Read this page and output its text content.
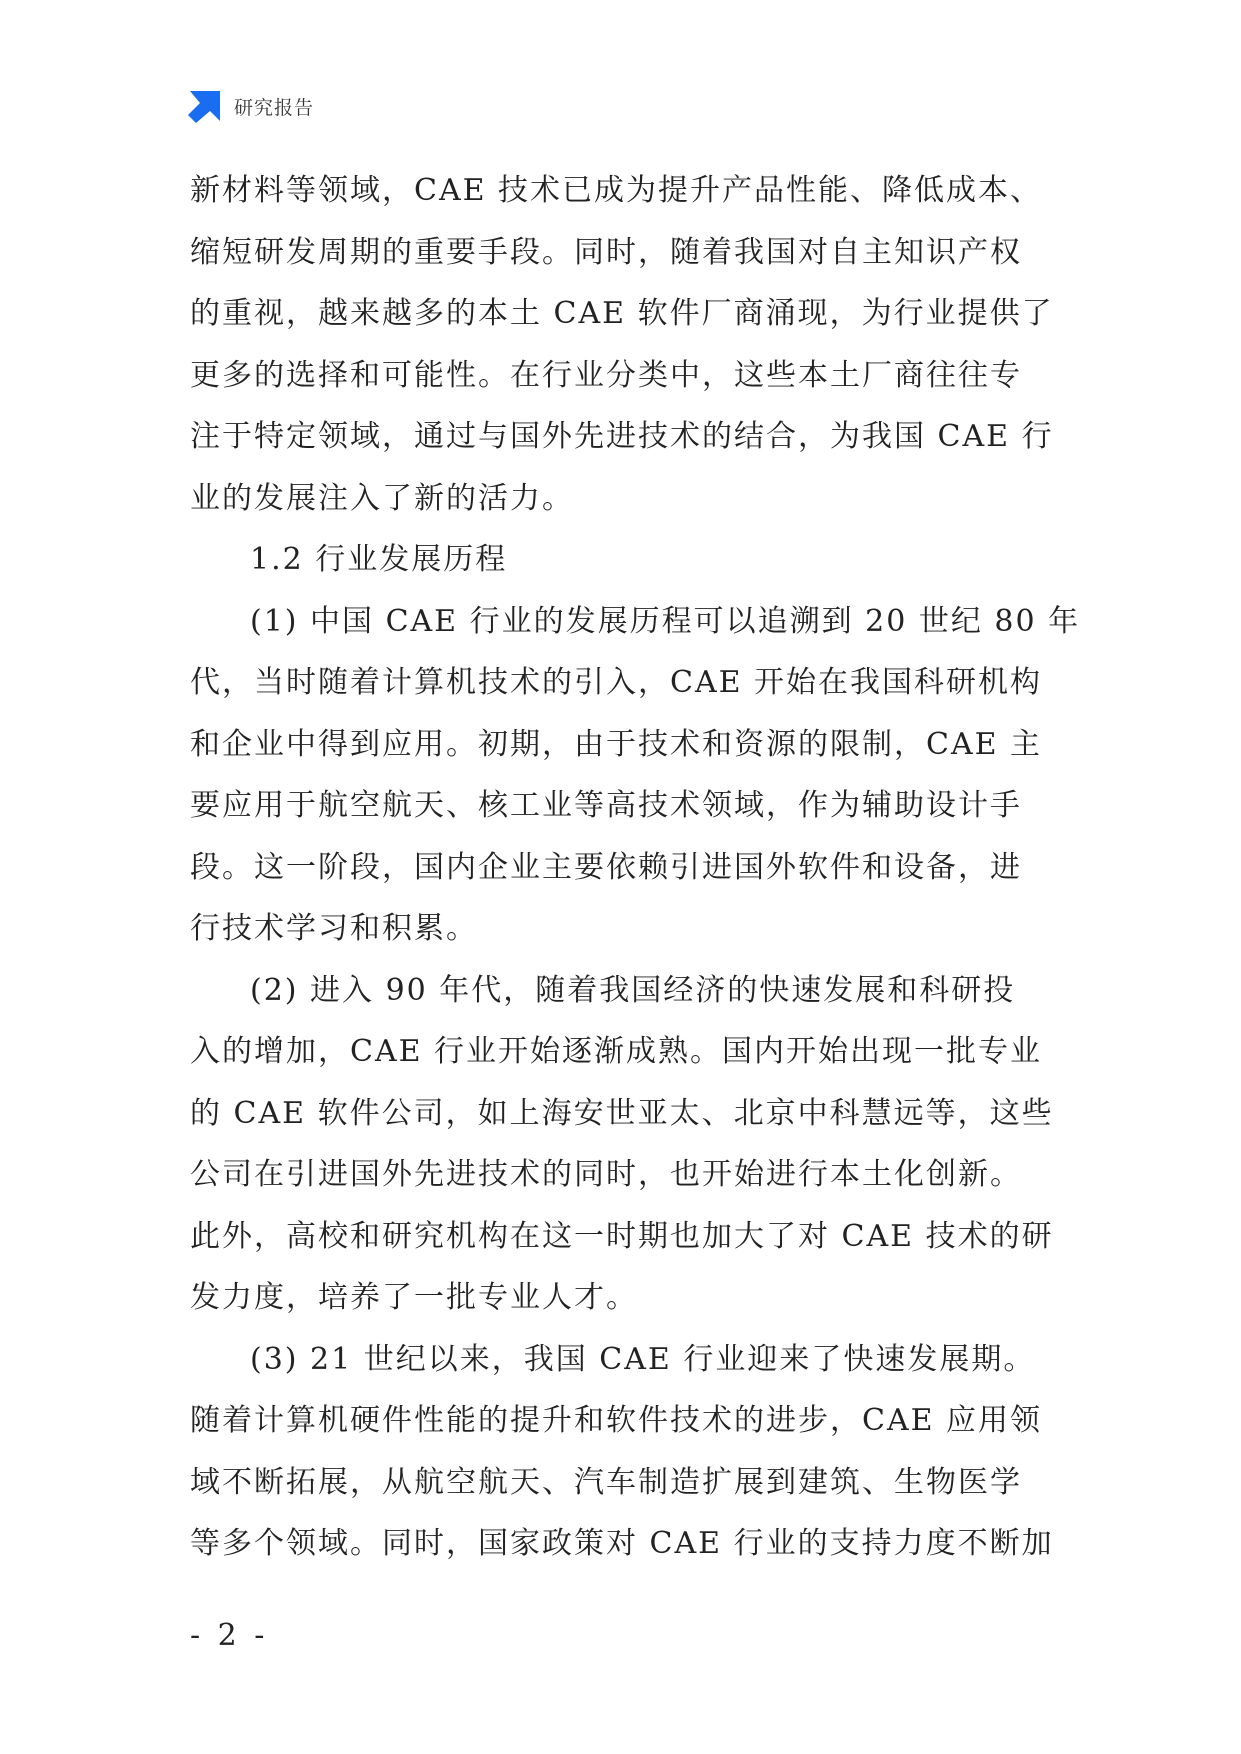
研究报告
新材料等领域，CAE 技术已成为提升产品性能、降低成本、
缩短研发周期的重要手段。同时，随着我国对自主知识产权
的重视，越来越多的本土 CAE 软件厂商涌现，为行业提供了
更多的选择和可能性。在行业分类中，这些本土厂商往往专
注于特定领域，通过与国外先进技术的结合，为我国 CAE 行
业的发展注入了新的活力。
1.2 行业发展历程
(1) 中国 CAE 行业的发展历程可以追溯到 20 世纪 80 年
代，当时随着计算机技术的引入，CAE 开始在我国科研机构
和企业中得到应用。初期，由于技术和资源的限制，CAE 主
要应用于航空航天、核工业等高技术领域，作为辅助设计手
段。这一阶段，国内企业主要依赖引进国外软件和设备，进
行技术学习和积累。
(2) 进入 90 年代，随着我国经济的快速发展和科研投
入的增加，CAE 行业开始逐渐成熟。国内开始出现一批专业
的 CAE 软件公司，如上海安世亚太、北京中科慧远等，这些
公司在引进国外先进技术的同时，也开始进行本土化创新。
此外，高校和研究机构在这一时期也加大了对 CAE 技术的研
发力度，培养了一批专业人才。
(3) 21 世纪以来，我国 CAE 行业迎来了快速发展期。
随着计算机硬件性能的提升和软件技术的进步，CAE 应用领
域不断拓展，从航空航天、汽车制造扩展到建筑、生物医学
等多个领域。同时，国家政策对 CAE 行业的支持力度不断加
- 2 -
